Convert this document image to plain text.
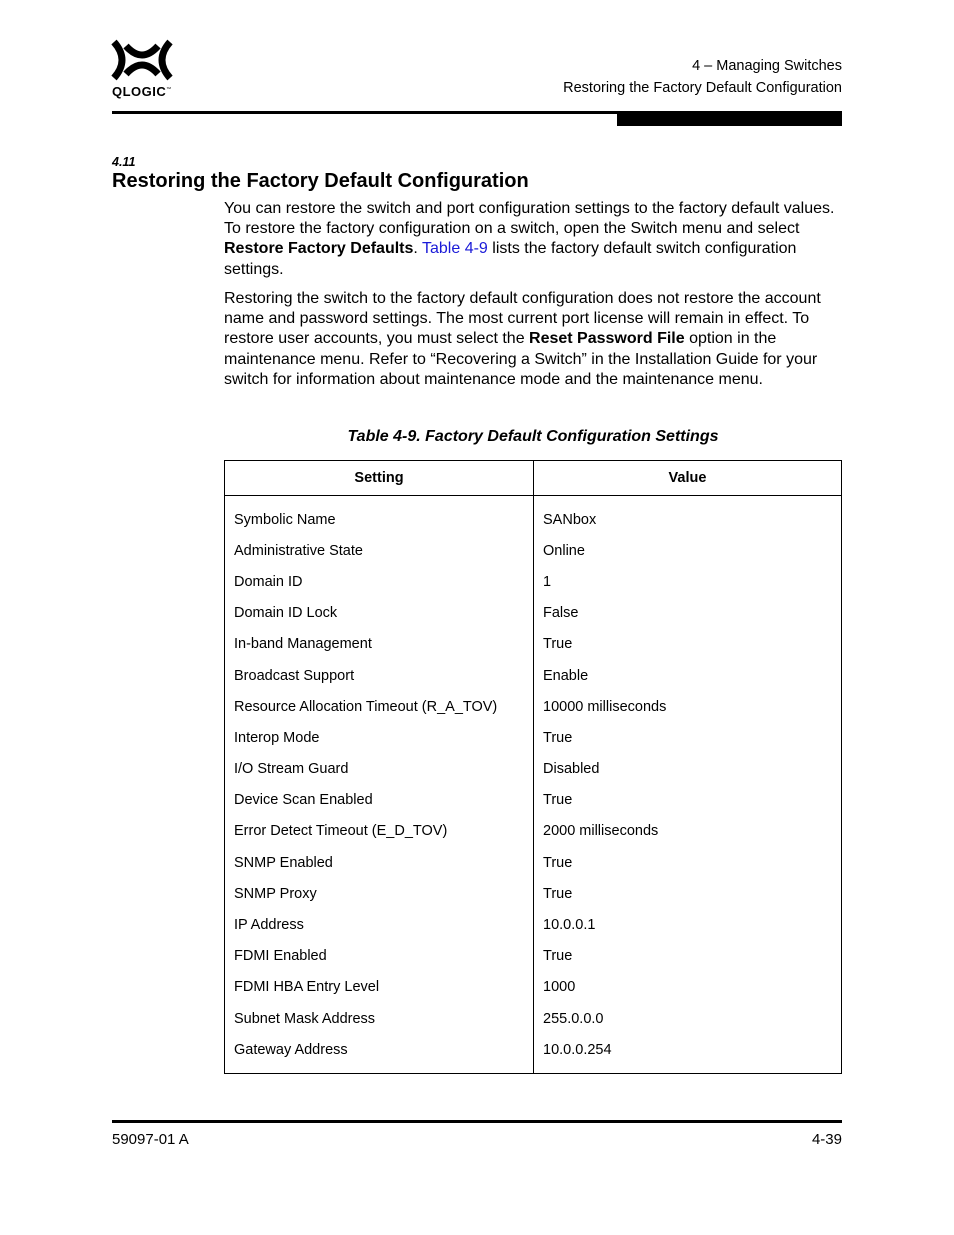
QLOGIC™
4 – Managing Switches
Restoring the Factory Default Configuration
4.11
Restoring the Factory Default Configuration

You can restore the switch and port configuration settings to the factory default values. To restore the factory configuration on a switch, open the Switch menu and select Restore Factory Defaults. Table 4-9 lists the factory default switch configuration settings.

Restoring the switch to the factory default configuration does not restore the account name and password settings. The most current port license will remain in effect. To restore user accounts, you must select the Reset Password File option in the maintenance menu. Refer to “Recovering a Switch” in the Installation Guide for your switch for information about maintenance mode and the maintenance menu.

Table 4-9. Factory Default Configuration Settings
Setting	Value
Symbolic Name	SANbox
Administrative State	Online
Domain ID	1
Domain ID Lock	False
In-band Management	True
Broadcast Support	Enable
Resource Allocation Timeout (R_A_TOV)	10000 milliseconds
Interop Mode	True
I/O Stream Guard	Disabled
Device Scan Enabled	True
Error Detect Timeout (E_D_TOV)	2000 milliseconds
SNMP Enabled	True
SNMP Proxy	True
IP Address	10.0.0.1
FDMI Enabled	True
FDMI HBA Entry Level	1000
Subnet Mask Address	255.0.0.0
Gateway Address	10.0.0.254
59097-01 A	4-39
